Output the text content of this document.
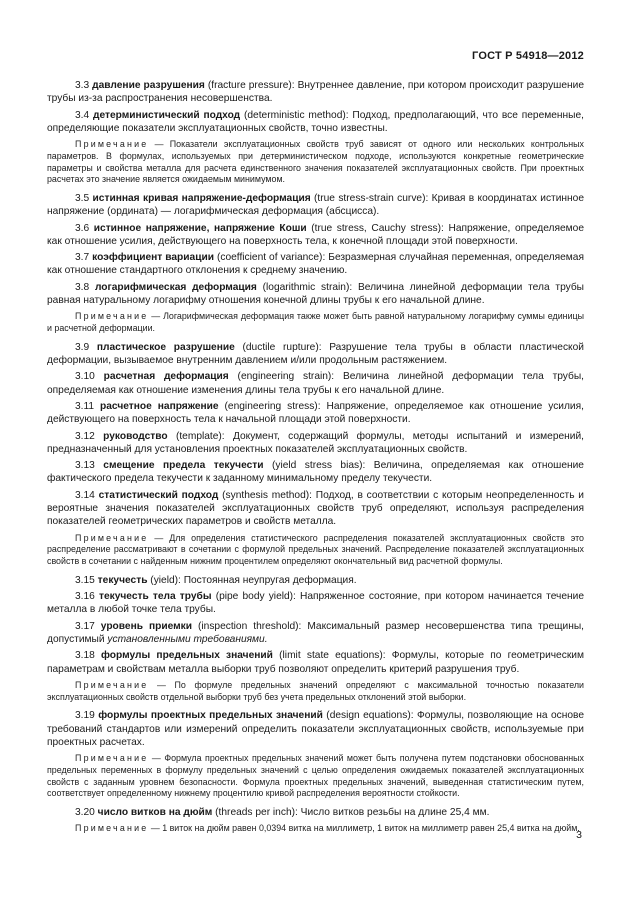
ГОСТ Р 54918—2012

3.3 давление разрушения (fracture pressure): Внутреннее давление, при котором происходит разрушение трубы из-за распространения несовершенства.

3.4 детерминистический подход (deterministic method): Подход, предполагающий, что все переменные, определяющие показатели эксплуатационных свойств, точно известны.

Примечание — Показатели эксплуатационных свойств труб зависят от одного или нескольких контрольных параметров. В формулах, используемых при детерминистическом подходе, используются конкретные геометрические параметры и свойства металла для расчета единственного значения показателей эксплуатационных свойств. При проектных расчетах это значение является ожидаемым минимумом.

3.5 истинная кривая напряжение-деформация (true stress-strain curve): Кривая в координатах истинное напряжение (ордината) — логарифмическая деформация (абсцисса).

3.6 истинное напряжение, напряжение Коши (true stress, Cauchy stress): Напряжение, определяемое как отношение усилия, действующего на поверхность тела, к конечной площади этой поверхности.

3.7 коэффициент вариации (coefficient of variance): Безразмерная случайная переменная, определяемая как отношение стандартного отклонения к среднему значению.

3.8 логарифмическая деформация (logarithmic strain): Величина линейной деформации тела трубы равная натуральному логарифму отношения конечной длины трубы к его начальной длине.

Примечание — Логарифмическая деформация также может быть равной натуральному логарифму суммы единицы и расчетной деформации.

3.9 пластическое разрушение (ductile rupture): Разрушение тела трубы в области пластической деформации, вызываемое внутренним давлением и/или продольным растяжением.

3.10 расчетная деформация (engineering strain): Величина линейной деформации тела трубы, определяемая как отношение изменения длины тела трубы к его начальной длине.

3.11 расчетное напряжение (engineering stress): Напряжение, определяемое как отношение усилия, действующего на поверхность тела к начальной площади этой поверхности.

3.12 руководство (template): Документ, содержащий формулы, методы испытаний и измерений, предназначенный для установления проектных показателей эксплуатационных свойств.

3.13 смещение предела текучести (yield stress bias): Величина, определяемая как отношение фактического предела текучести к заданному минимальному пределу текучести.

3.14 статистический подход (synthesis method): Подход, в соответствии с которым неопределенность и вероятные значения показателей эксплуатационных свойств труб определяют, используя распределения показателей геометрических параметров и свойств металла.

Примечание — Для определения статистического распределения показателей эксплуатационных свойств это распределение рассматривают в сочетании с формулой предельных значений. Распределение показателей эксплуатационных свойств в сочетании с найденным нижним процентилем определяют окончательный вид расчетной формулы.

3.15 текучесть (yield): Постоянная неупругая деформация.

3.16 текучесть тела трубы (pipe body yield): Напряженное состояние, при котором начинается течение металла в любой точке тела трубы.

3.17 уровень приемки (inspection threshold): Максимальный размер несовершенства типа трещины, допустимый установленными требованиями.

3.18 формулы предельных значений (limit state equations): Формулы, которые по геометрическим параметрам и свойствам металла выборки труб позволяют определить критерий разрушения труб.

Примечание — По формуле предельных значений определяют с максимальной точностью показатели эксплуатационных свойств отдельной выборки труб без учета предельных отклонений этой выборки.

3.19 формулы проектных предельных значений (design equations): Формулы, позволяющие на основе требований стандартов или измерений определить показатели эксплуатационных свойств, используемые при проектных расчетах.

Примечание — Формула проектных предельных значений может быть получена путем подстановки обоснованных предельных переменных в формулу предельных значений с целью определения ожидаемых показателей эксплуатационных свойств с заданным уровнем безопасности. Формула проектных предельных значений, выведенная статистическим путем, соответствует определенному нижнему процентилю кривой распределения вероятности стойкости.

3.20 число витков на дюйм (threads per inch): Число витков резьбы на длине 25,4 мм.

Примечание — 1 виток на дюйм равен 0,0394 витка на миллиметр, 1 виток на миллиметр равен 25,4 витка на дюйм.

3
